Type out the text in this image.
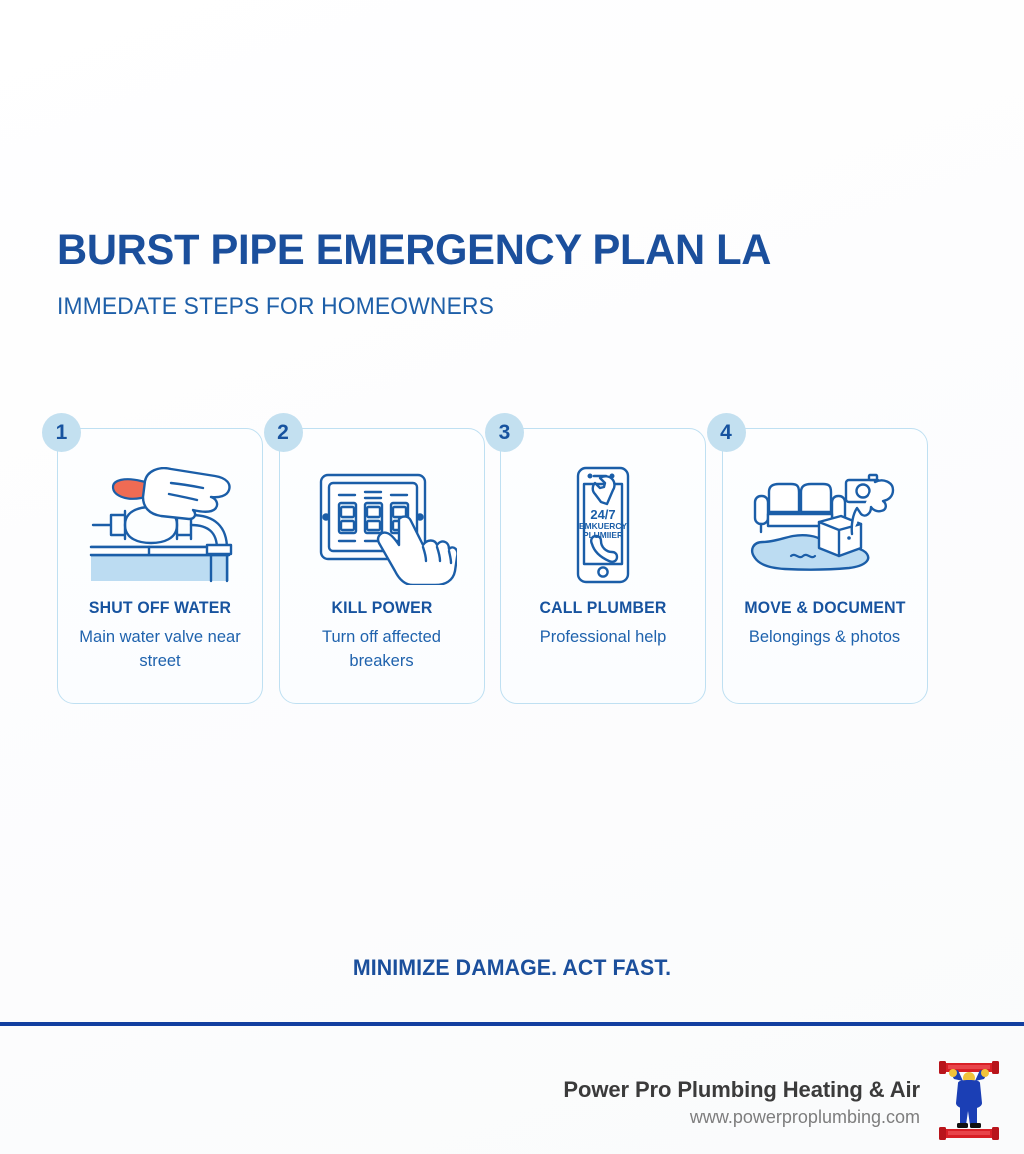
BURST PIPE EMERGENCY PLAN LA
IMMEDATE STEPS FOR HOMEOWNERS
1
SHUT OFF WATER
Main water valve near street
2
KILL POWER
Turn off affected breakers
3
24/7
EMKUERCY
PLUMIIER
CALL PLUMBER
Professional help
4
MOVE & DOCUMENT
Belongings & photos
MINIMIZE DAMAGE. ACT FAST.
Power Pro Plumbing Heating & Air
www.powerproplumbing.com
